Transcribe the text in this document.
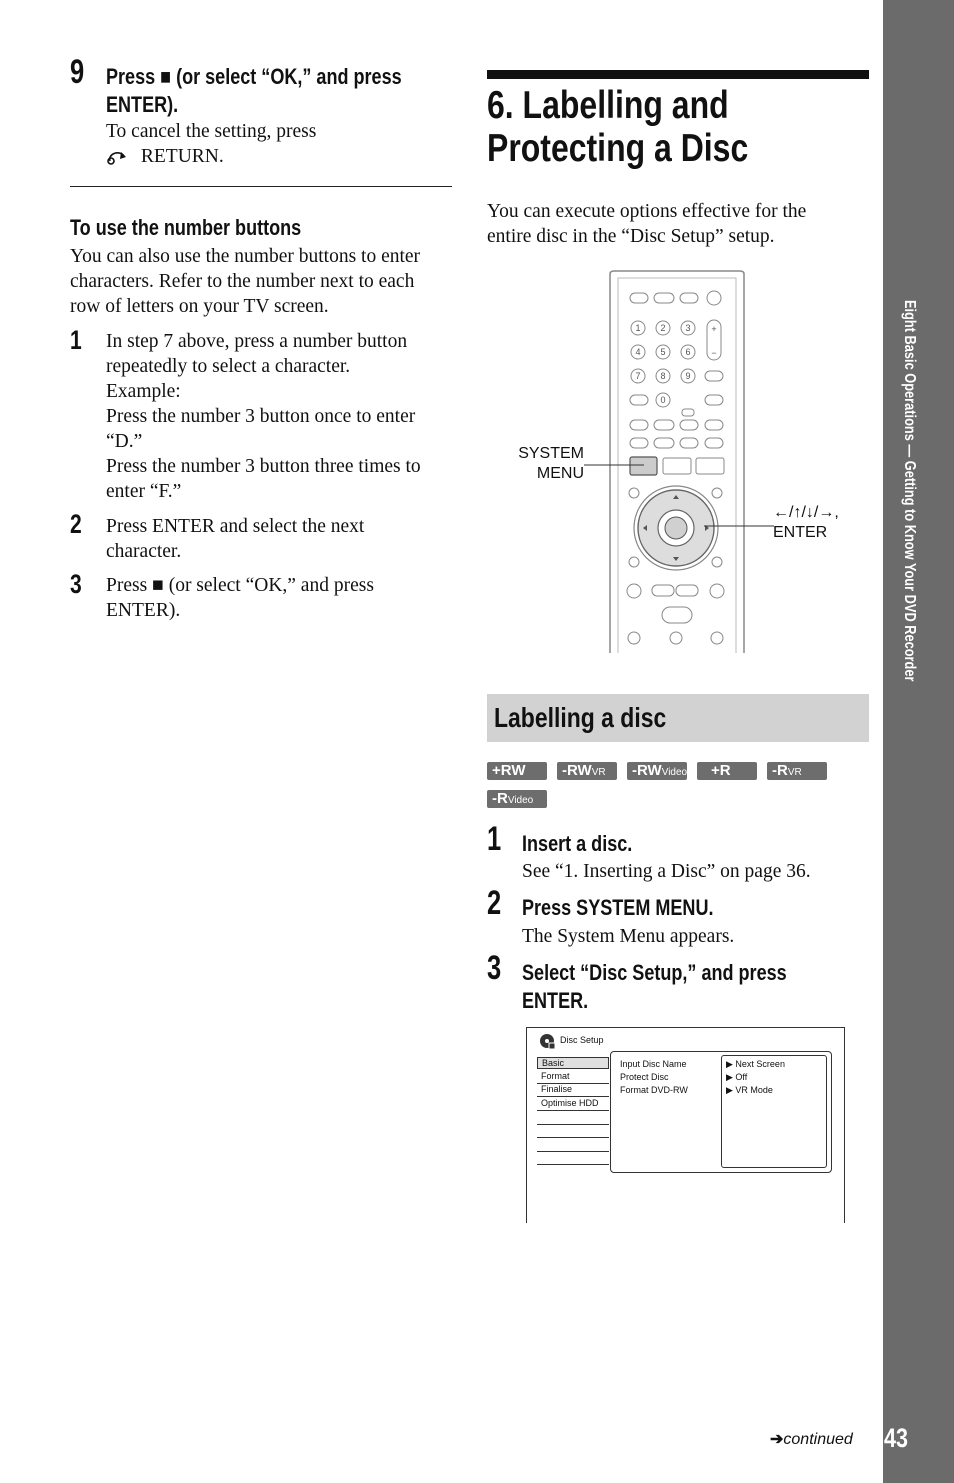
9 Press ■ (or select “OK,” and press
ENTER).
To cancel the setting, press
RETURN.
To use the number buttons
You can also use the number buttons to enter
characters. Refer to the number next to each
row of letters on your TV screen.
1 In step 7 above, press a number button
repeatedly to select a character.
Example:
Press the number 3 button once to enter
“D.”
Press the number 3 button three times to
enter “F.”
2 Press ENTER and select the next
character.
3 Press ■ (or select “OK,” and press
ENTER).
6. Labelling and
Protecting a Disc
You can execute options effective for the
entire disc in the “Disc Setup” setup.
SYSTEM
MENU
←/↑/↓/→,
ENTER
1 2 3
4 5 6
7 8 9
0
+
−
Labelling a disc
+RW	-RWVR	-RWVideo	+R	-RVR
-RVideo
1 Insert a disc.
See “1. Inserting a Disc” on page 36.
2 Press SYSTEM MENU.
The System Menu appears.
3 Select “Disc Setup,” and press
ENTER.
Disc Setup
Basic
Format
Finalise
Optimise HDD
Input Disc Name
Protect Disc
Format DVD-RW
▶ Next Screen
▶ Off
▶ VR Mode
Eight Basic Operations — Getting to Know Your DVD Recorder
43
➔continued
